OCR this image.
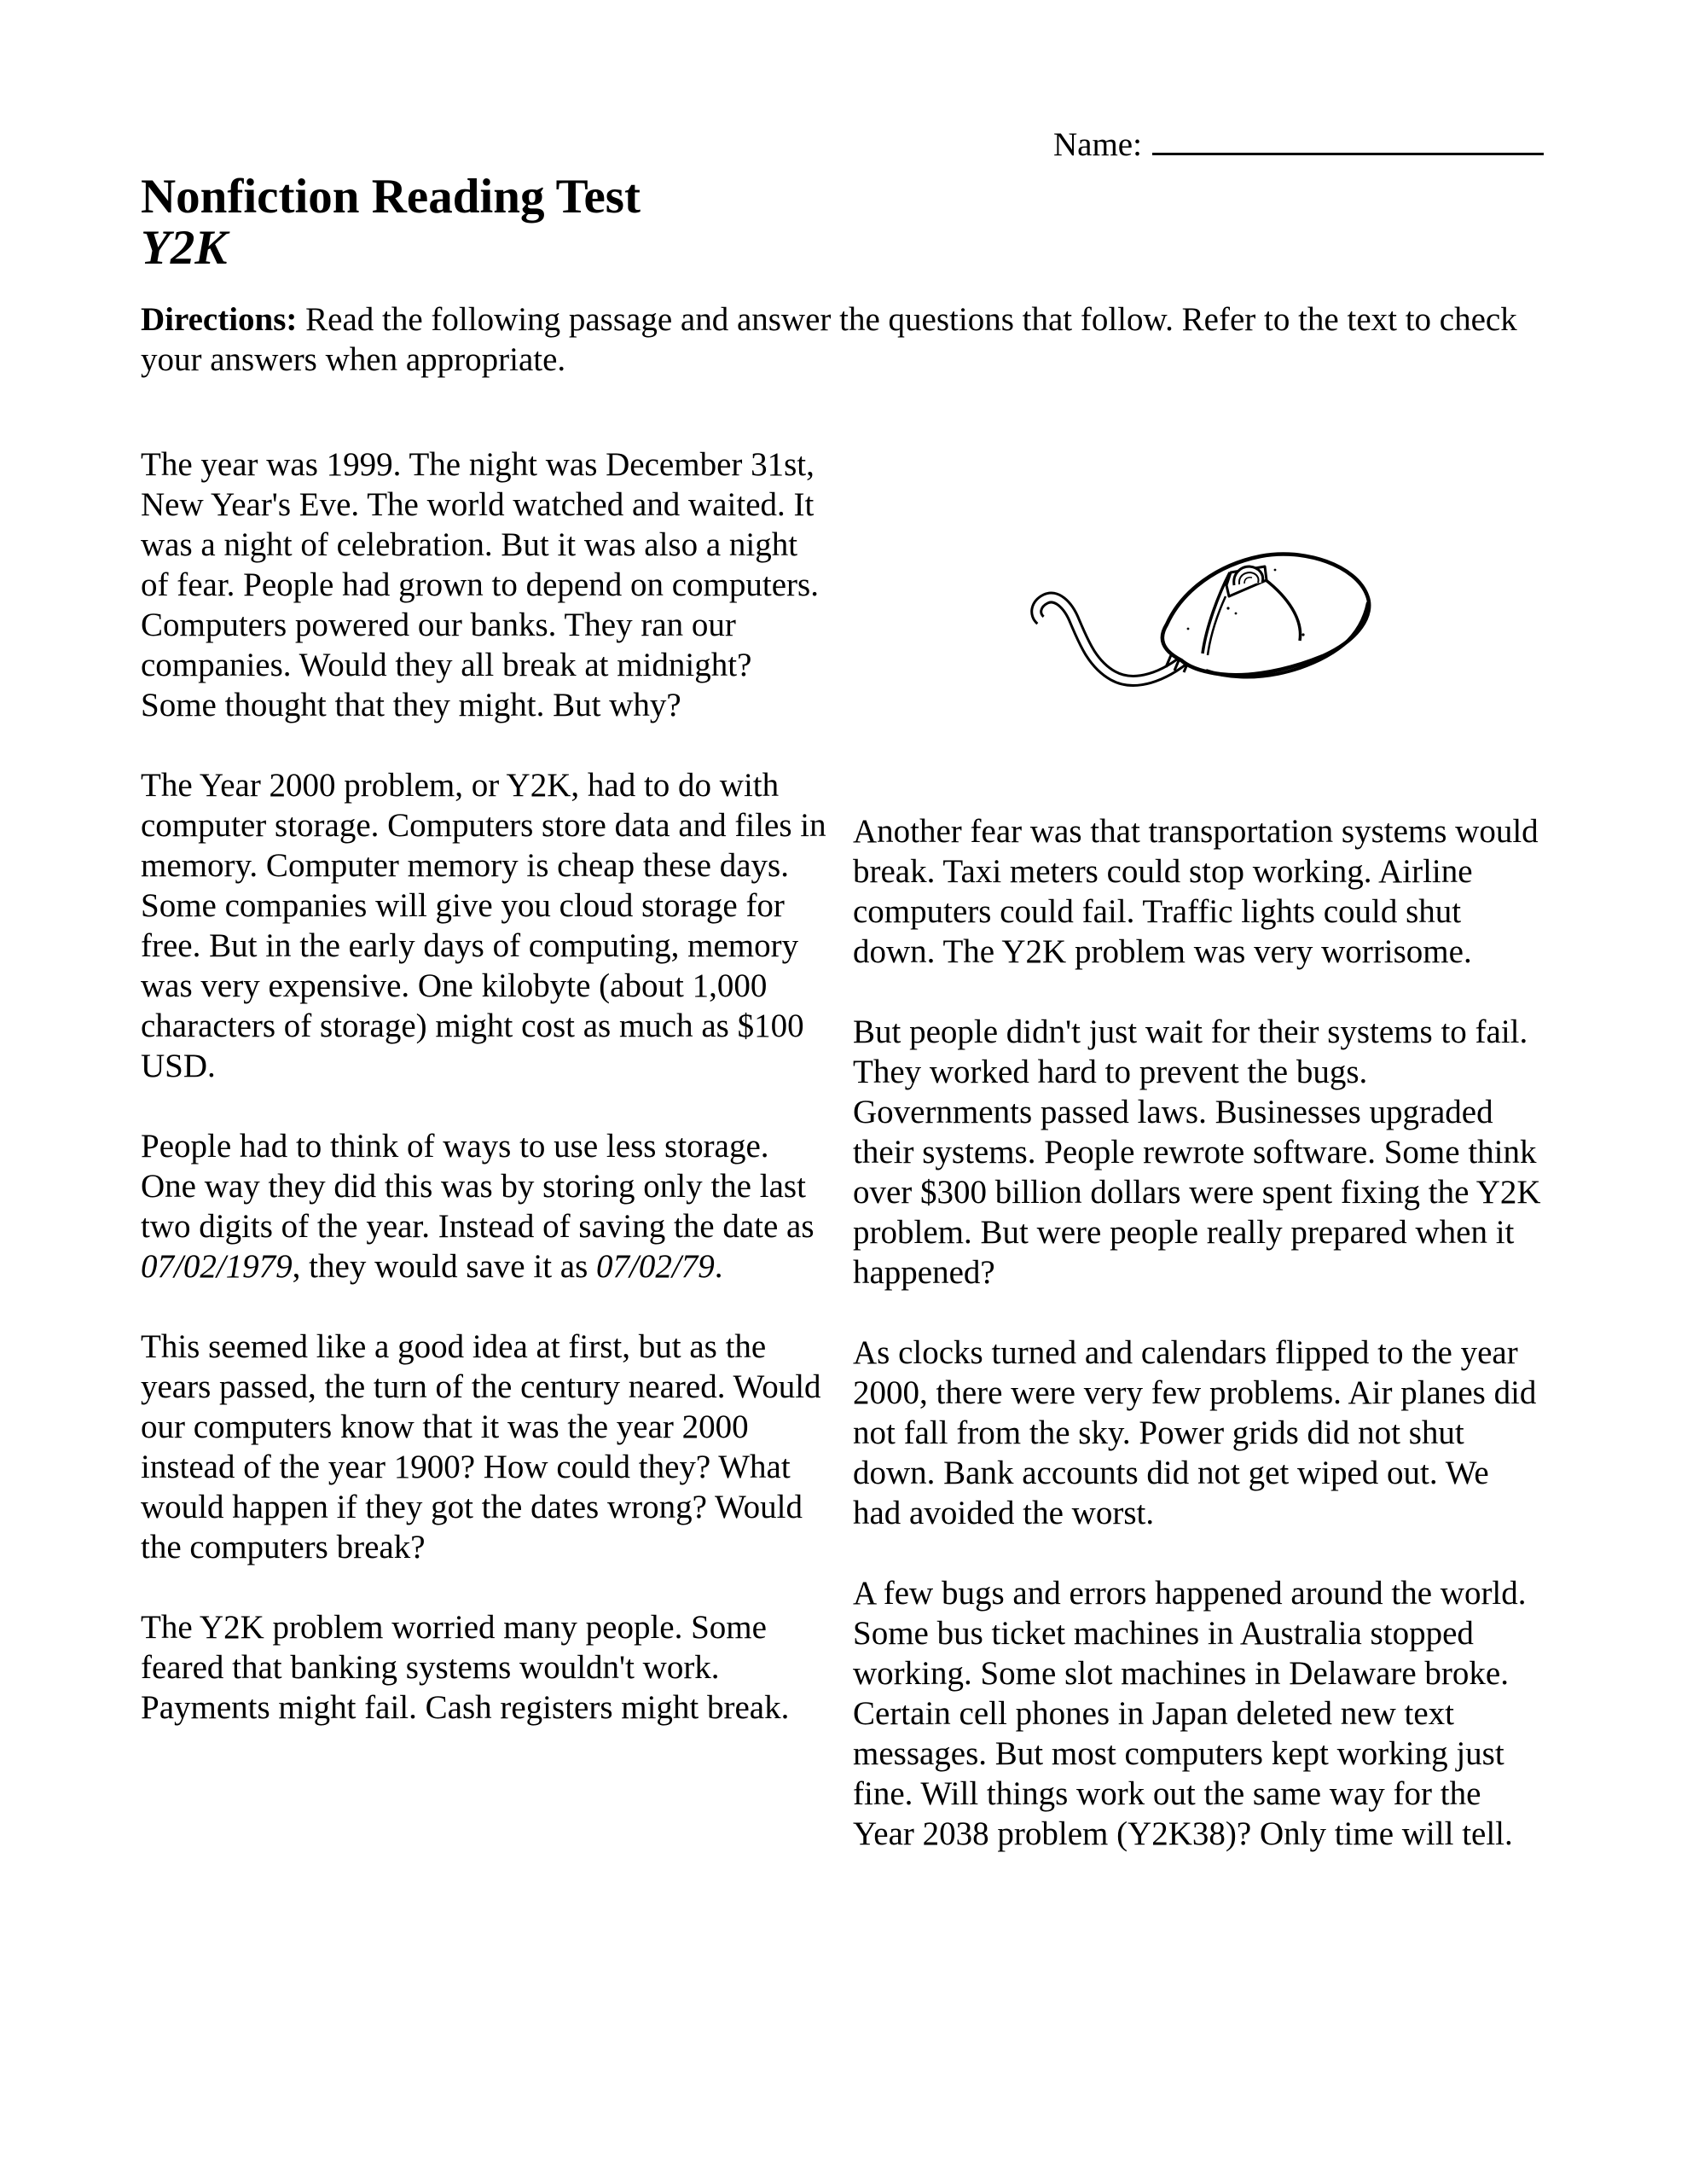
Name:
Nonfiction Reading Test
Y2K
Directions: Read the following passage and answer the questions that follow. Refer to the text to check your answers when appropriate.

The year was 1999. The night was December 31st, New Year's Eve. The world watched and waited. It was a night of celebration. But it was also a night of fear. People had grown to depend on computers. Computers powered our banks. They ran our companies. Would they all break at midnight? Some thought that they might. But why?

The Year 2000 problem, or Y2K, had to do with computer storage. Computers store data and files in memory. Computer memory is cheap these days. Some companies will give you cloud storage for free. But in the early days of computing, memory was very expensive. One kilobyte (about 1,000 characters of storage) might cost as much as $100 USD.

People had to think of ways to use less storage. One way they did this was by storing only the last two digits of the year. Instead of saving the date as 07/02/1979, they would save it as 07/02/79.

This seemed like a good idea at first, but as the years passed, the turn of the century neared. Would our computers know that it was the year 2000 instead of the year 1900? How could they? What would happen if they got the dates wrong? Would the computers break?

The Y2K problem worried many people. Some feared that banking systems wouldn't work. Payments might fail. Cash registers might break.

Another fear was that transportation systems would break. Taxi meters could stop working. Airline computers could fail. Traffic lights could shut down. The Y2K problem was very worrisome.

But people didn't just wait for their systems to fail. They worked hard to prevent the bugs. Governments passed laws. Businesses upgraded their systems. People rewrote software. Some think over $300 billion dollars were spent fixing the Y2K problem. But were people really prepared when it happened?

As clocks turned and calendars flipped to the year 2000, there were very few problems. Air planes did not fall from the sky. Power grids did not shut down. Bank accounts did not get wiped out. We had avoided the worst.

A few bugs and errors happened around the world. Some bus ticket machines in Australia stopped working. Some slot machines in Delaware broke. Certain cell phones in Japan deleted new text messages. But most computers kept working just fine. Will things work out the same way for the Year 2038 problem (Y2K38)? Only time will tell.
